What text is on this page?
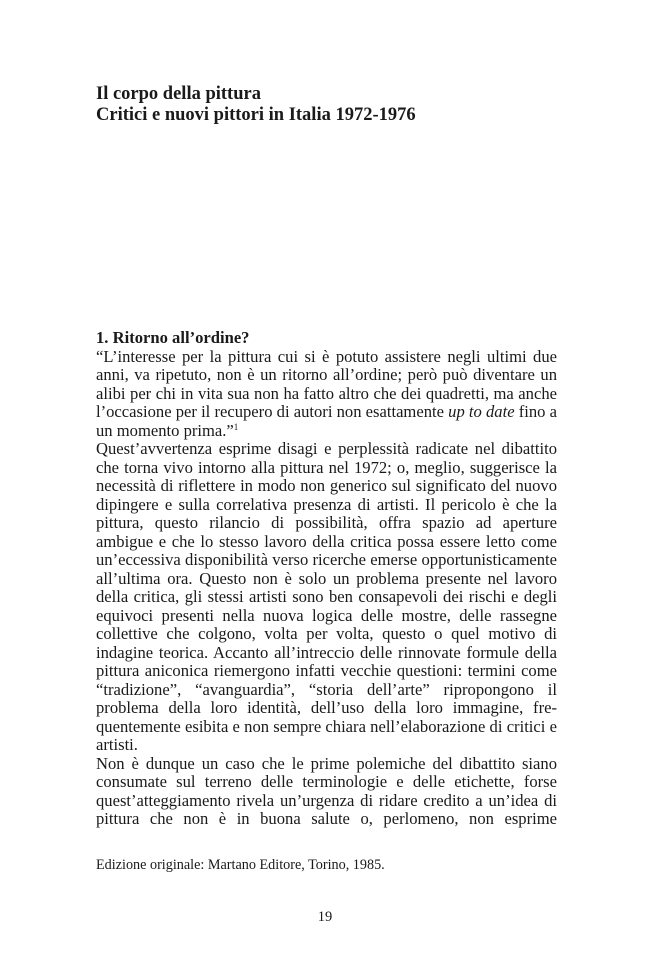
Il corpo della pittura
Critici e nuovi pittori in Italia 1972-1976
1. Ritorno all’ordine?

“L’interesse per la pittura cui si è potuto assistere negli ultimi due anni, va ripetuto, non è un ritorno all’ordine; però può diventare un alibi per chi in vita sua non ha fatto altro che dei quadretti, ma anche l’occasione per il recupero di autori non esattamente up to date fino a un momento prima.”$^1$

Quest’avvertenza esprime disagi e perplessità radicate nel dibattito che torna vivo intorno alla pittura nel 1972; o, meglio, suggerisce la necessità di riflettere in modo non generico sul significato del nuovo dipingere e sulla correlativa presenza di artisti. Il pericolo è che la pittura, questo rilancio di possibilità, offra spazio ad aperture ambigue e che lo stesso lavoro della critica possa essere letto come un’eccessiva disponibilità verso ricerche emerse opportunisticamente all’ultima ora. Questo non è solo un problema presente nel lavoro della critica, gli stessi artisti sono ben consapevoli dei rischi e degli equivoci presenti nella nuova logica delle mostre, delle rassegne collettive che colgono, volta per volta, questo o quel motivo di indagine teorica. Accanto all’intreccio delle rinnovate formule della pittura aniconica riemergono infatti vecchie questioni: termini come “tradizione”, “avanguardia”, “storia dell’arte” ripropongono il problema della loro identità, dell’uso della loro immagine, frequentemente esibita e non sempre chiara nell’elaborazione di critici e artisti.

Non è dunque un caso che le prime polemiche del dibattito siano consumate sul terreno delle terminologie e delle etichette, forse quest’atteggiamento rivela un’urgenza di ridare credito a un’idea di pittura che non è in buona salute o, perlomeno, non esprime

Edizione originale: Martano Editore, Torino, 1985.
19
